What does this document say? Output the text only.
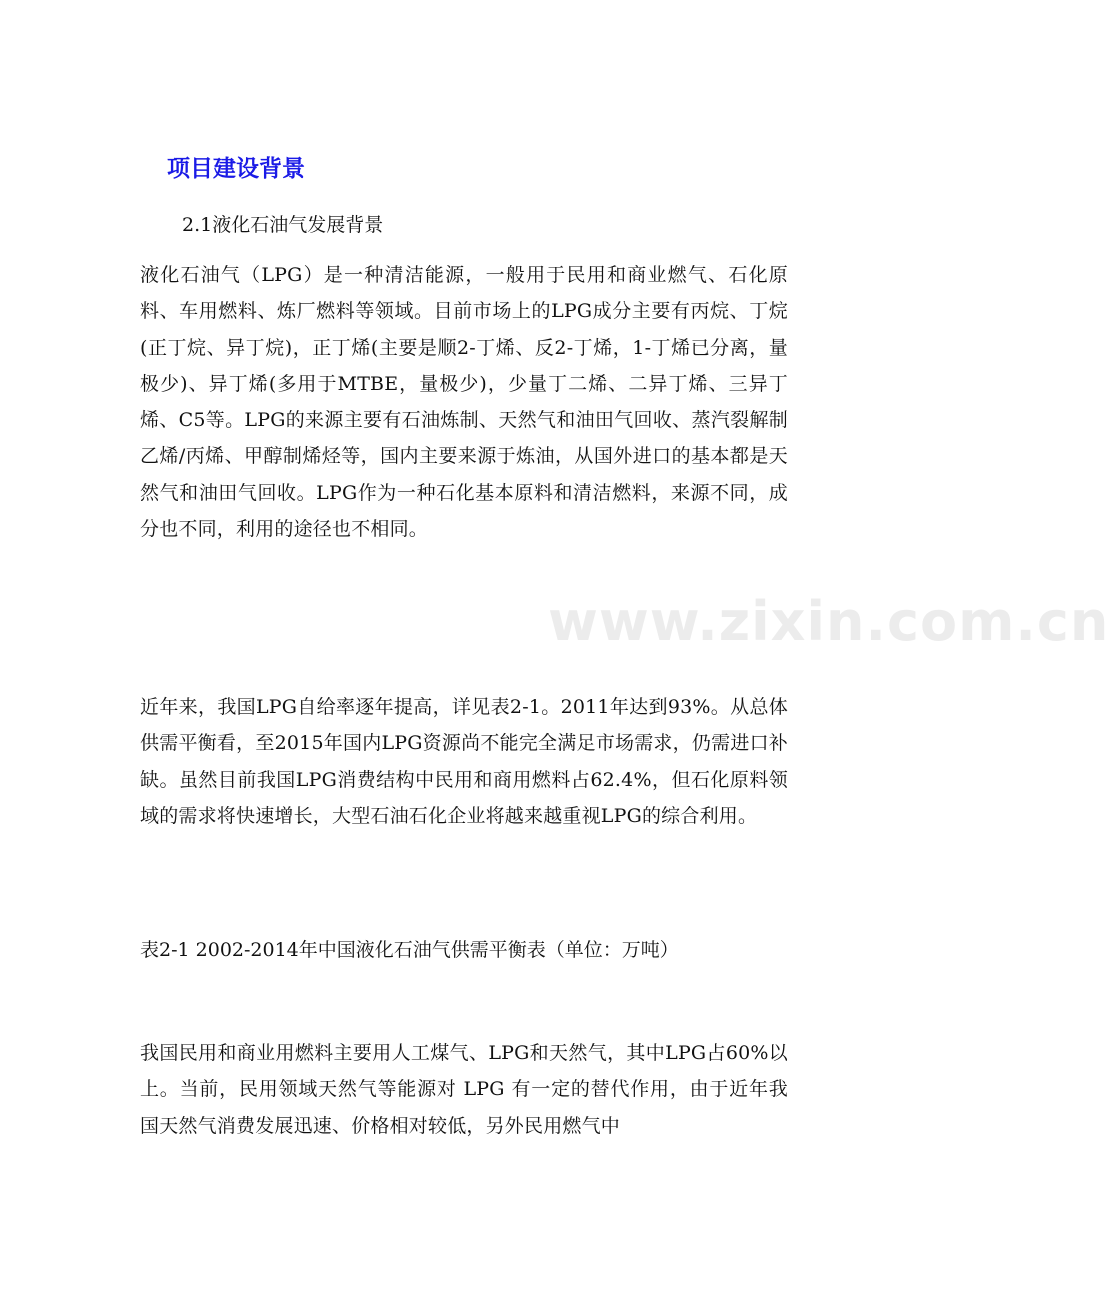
项目建设背景
2.1液化石油气发展背景

液化石油气（LPG）是一种清洁能源，一般用于民用和商业燃气、石化原料、车用燃料、炼厂燃料等领域。目前市场上的LPG成分主要有丙烷、丁烷(正丁烷、异丁烷)，正丁烯(主要是顺2-丁烯、反2-丁烯，1-丁烯已分离，量极少)、异丁烯(多用于MTBE，量极少)，少量丁二烯、二异丁烯、三异丁烯、C5等。LPG的来源主要有石油炼制、天然气和油田气回收、蒸汽裂解制乙烯/丙烯、甲醇制烯烃等，国内主要来源于炼油，从国外进口的基本都是天然气和油田气回收。LPG作为一种石化基本原料和清洁燃料，来源不同，成分也不同，利用的途径也不相同。

近年来，我国LPG自给率逐年提高，详见表2-1。2011年达到93%。从总体供需平衡看，至2015年国内LPG资源尚不能完全满足市场需求，仍需进口补缺。虽然目前我国LPG消费结构中民用和商用燃料占62.4%，但石化原料领域的需求将快速增长，大型石油石化企业将越来越重视LPG的综合利用。

表2-1 2002-2014年中国液化石油气供需平衡表（单位：万吨）

我国民用和商业用燃料主要用人工煤气、LPG和天然气，其中LPG占60%以上。当前，民用领域天然气等能源对 LPG 有一定的替代作用，由于近年我国天然气消费发展迅速、价格相对较低，另外民用燃气中

www.zixin.com.cn
